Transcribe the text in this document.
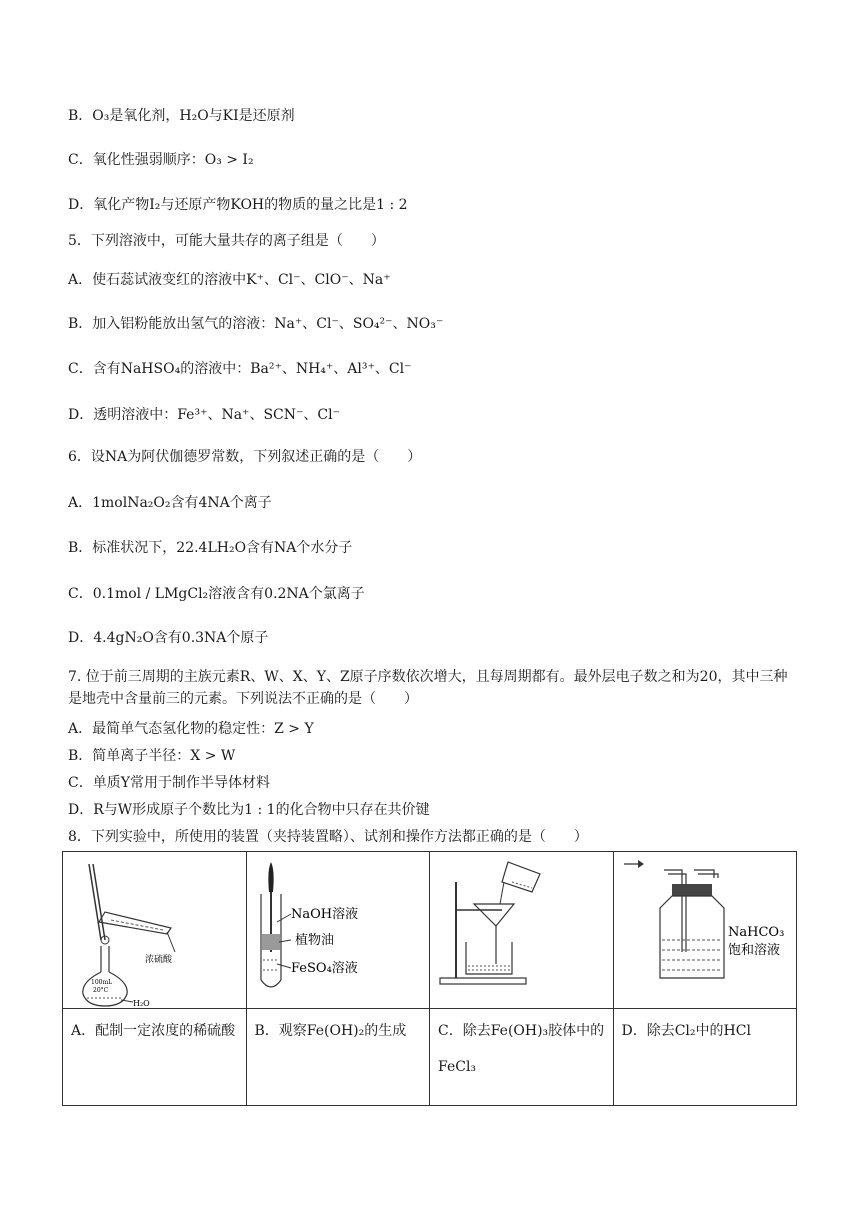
B．O₃是氧化剂，H₂O与KI是还原剂
C．氧化性强弱顺序：O₃ > I₂
D．氧化产物I₂与还原产物KOH的物质的量之比是1 : 2
5．下列溶液中，可能大量共存的离子组是（　　）
A．使石蕊试液变红的溶液中K⁺、Cl⁻、ClO⁻、Na⁺
B．加入铝粉能放出氢气的溶液：Na⁺、Cl⁻、SO₄²⁻、NO₃⁻
C．含有NaHSO₄的溶液中：Ba²⁺、NH₄⁺、Al³⁺、Cl⁻
D．透明溶液中：Fe³⁺、Na⁺、SCN⁻、Cl⁻
6．设NA为阿伏伽德罗常数，下列叙述正确的是（　　）
A．1molNa₂O₂含有4NA个离子
B．标准状况下，22.4LH₂O含有NA个水分子
C．0.1mol / LMgCl₂溶液含有0.2NA个氯离子
D．4.4gN₂O含有0.3NA个原子
7. 位于前三周期的主族元素R、W、X、Y、Z原子序数依次增大，且每周期都有。最外层电子数之和为20，其中三种是地壳中含量前三的元素。下列说法不正确的是（　　）
A．最简单气态氢化物的稳定性：Z > Y
B．简单离子半径：X > W
C．单质Y常用于制作半导体材料
D．R与W形成原子个数比为1 : 1的化合物中只存在共价键
8．下列实验中，所使用的装置（夹持装置略）、试剂和操作方法都正确的是（　　）
浓硫酸
100mL
20°C
H₂O	NaOH溶液
植物油
FeSO₄溶液		NaHCO₃
饱和溶液

A．配制一定浓度的稀硫酸	B．观察Fe(OH)₂的生成	C．除去Fe(OH)₃胶体中的FeCl₃	D．除去Cl₂中的HCl
